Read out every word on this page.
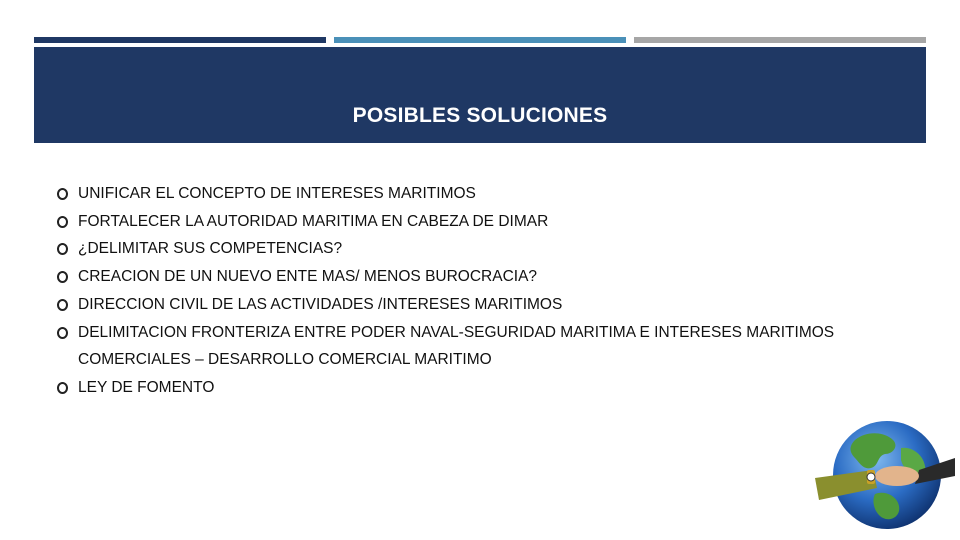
POSIBLES SOLUCIONES
UNIFICAR EL CONCEPTO DE INTERESES MARITIMOS
FORTALECER LA AUTORIDAD MARITIMA EN CABEZA DE DIMAR
¿DELIMITAR SUS COMPETENCIAS?
CREACION DE UN NUEVO ENTE MAS/ MENOS BUROCRACIA?
DIRECCION CIVIL DE LAS ACTIVIDADES /INTERESES MARITIMOS
DELIMITACION FRONTERIZA ENTRE PODER NAVAL-SEGURIDAD MARITIMA E INTERESES MARITIMOS COMERCIALES – DESARROLLO COMERCIAL MARITIMO
LEY DE FOMENTO
